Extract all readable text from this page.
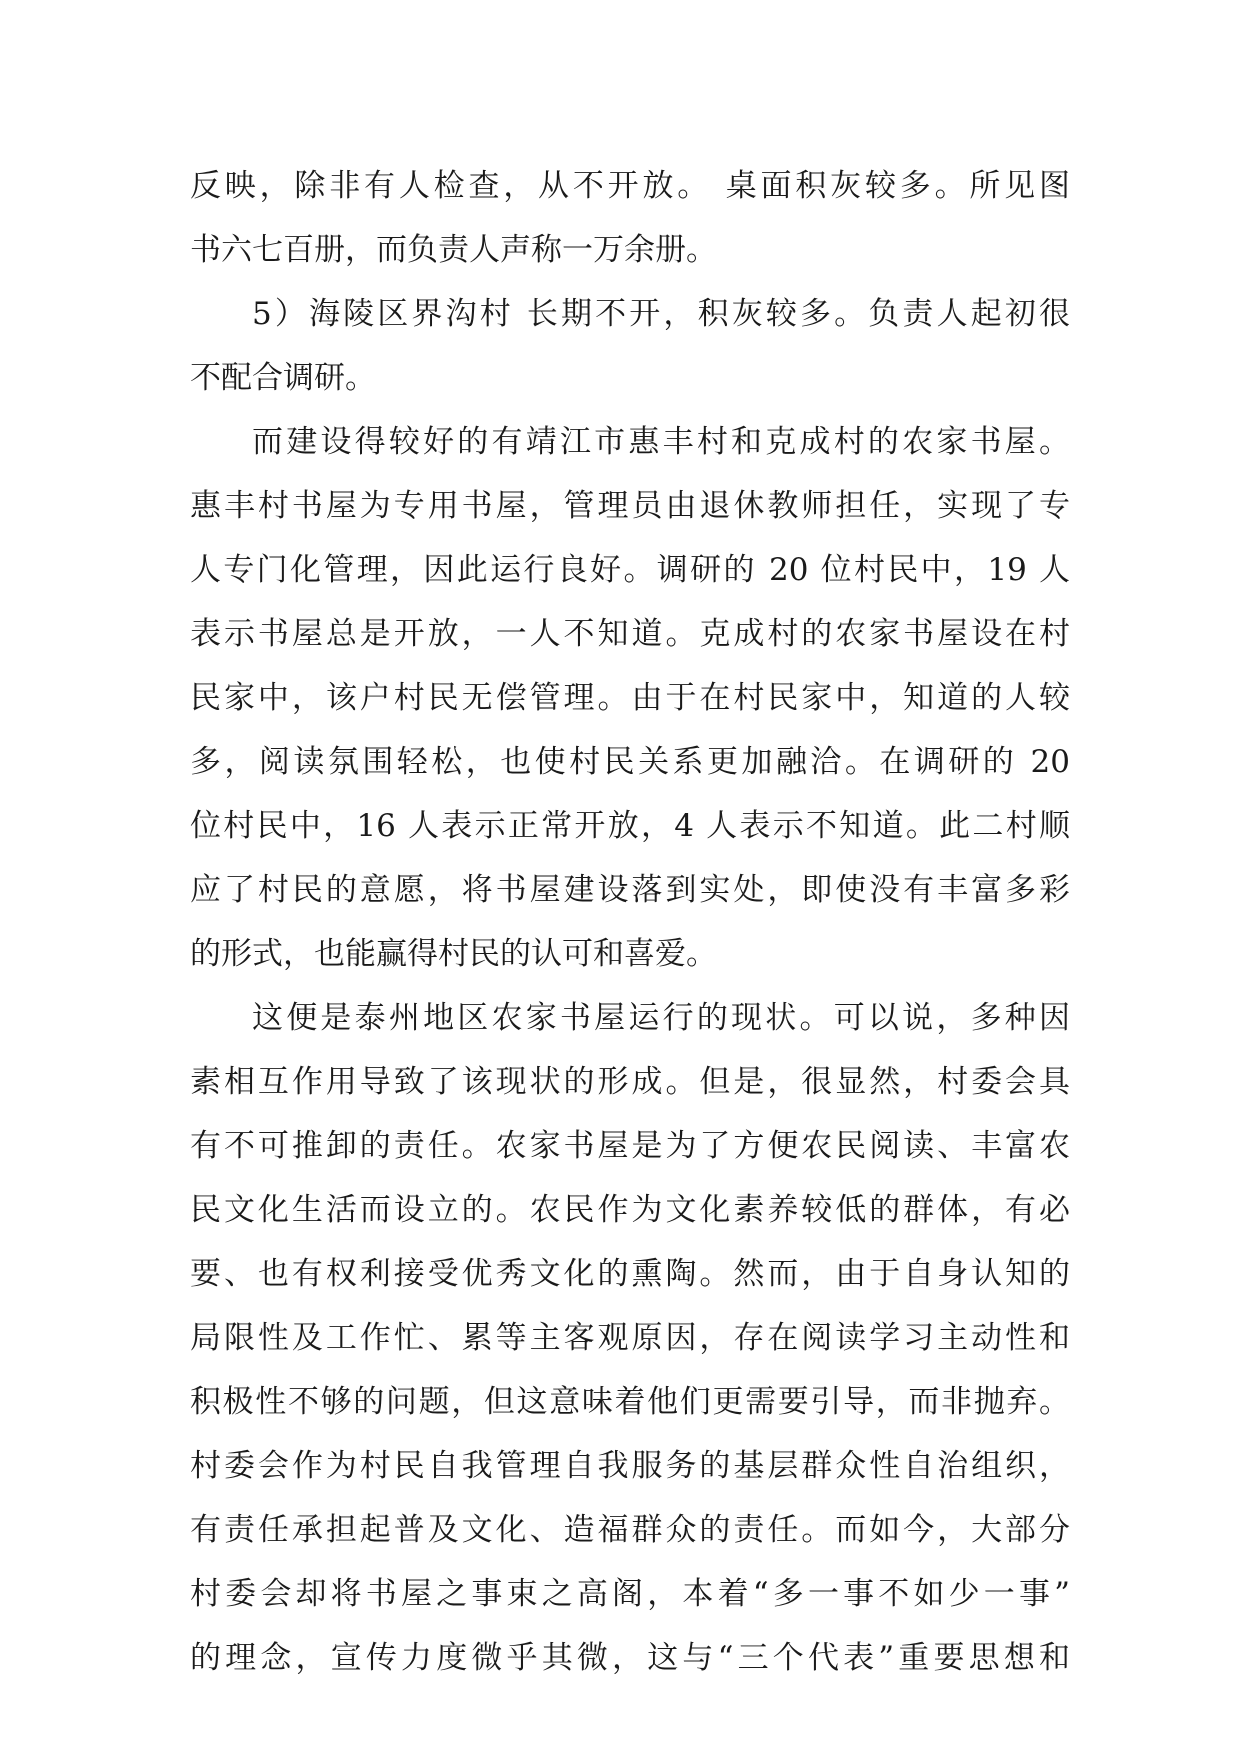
反映，除非有人检查，从不开放。 桌面积灰较多。所见图
书六七百册，而负责人声称一万余册。
5）海陵区界沟村 长期不开，积灰较多。负责人起初很
不配合调研。
而建设得较好的有靖江市惠丰村和克成村的农家书屋。
惠丰村书屋为专用书屋，管理员由退休教师担任，实现了专
人专门化管理，因此运行良好。调研的 20 位村民中，19 人
表示书屋总是开放，一人不知道。克成村的农家书屋设在村
民家中，该户村民无偿管理。由于在村民家中，知道的人较
多，阅读氛围轻松，也使村民关系更加融洽。在调研的 20
位村民中，16 人表示正常开放，4 人表示不知道。此二村顺
应了村民的意愿，将书屋建设落到实处，即使没有丰富多彩
的形式，也能赢得村民的认可和喜爱。
这便是泰州地区农家书屋运行的现状。可以说，多种因
素相互作用导致了该现状的形成。但是，很显然，村委会具
有不可推卸的责任。农家书屋是为了方便农民阅读、丰富农
民文化生活而设立的。农民作为文化素养较低的群体，有必
要、也有权利接受优秀文化的熏陶。然而，由于自身认知的
局限性及工作忙、累等主客观原因，存在阅读学习主动性和
积极性不够的问题，但这意味着他们更需要引导，而非抛弃。
村委会作为村民自我管理自我服务的基层群众性自治组织，
有责任承担起普及文化、造福群众的责任。而如今，大部分
村委会却将书屋之事束之高阁，本着“多一事不如少一事”
的理念，宣传力度微乎其微，这与“三个代表”重要思想和
